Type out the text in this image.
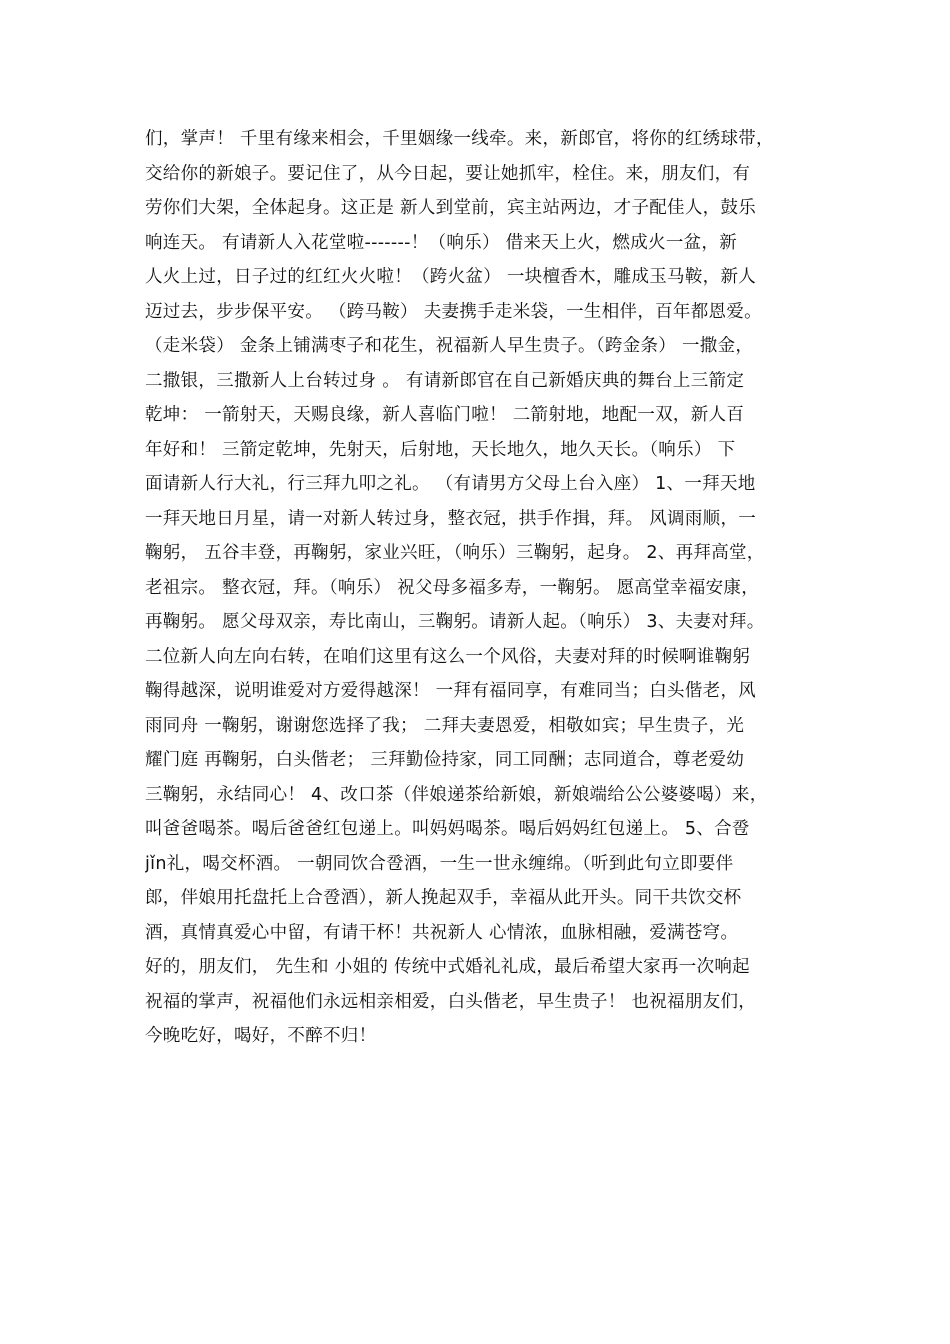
们，掌声！ 千里有缘来相会，千里姻缘一线牵。来，新郎官，将你的红绣球带，
交给你的新娘子。要记住了，从今日起，要让她抓牢，栓住。来，朋友们，有
劳你们大架，全体起身。这正是 新人到堂前，宾主站两边，才子配佳人，鼓乐
响连天。 有请新人入花堂啦-------！（响乐） 借来天上火，燃成火一盆，新
人火上过，日子过的红红火火啦！（跨火盆） 一块檀香木，雕成玉马鞍，新人
迈过去，步步保平安。 （跨马鞍） 夫妻携手走米袋，一生相伴，百年都恩爱。
（走米袋） 金条上铺满枣子和花生，祝福新人早生贵子。（跨金条） 一撒金，
二撒银，三撒新人上台转过身 。 有请新郎官在自己新婚庆典的舞台上三箭定
乾坤： 一箭射天，天赐良缘，新人喜临门啦！ 二箭射地，地配一双，新人百
年好和！ 三箭定乾坤，先射天，后射地，天长地久，地久天长。（响乐） 下
面请新人行大礼，行三拜九叩之礼。 （有请男方父母上台入座） 1、一拜天地
一拜天地日月星，请一对新人转过身，整衣冠，拱手作揖，拜。 风调雨顺，一
鞠躬， 五谷丰登，再鞠躬，家业兴旺，（响乐）三鞠躬，起身。 2、再拜高堂，
老祖宗。 整衣冠，拜。（响乐） 祝父母多福多寿，一鞠躬。 愿高堂幸福安康，
再鞠躬。 愿父母双亲，寿比南山，三鞠躬。请新人起。（响乐） 3、夫妻对拜。
二位新人向左向右转，在咱们这里有这么一个风俗，夫妻对拜的时候啊谁鞠躬
鞠得越深，说明谁爱对方爱得越深！ 一拜有福同享，有难同当；白头偕老，风
雨同舟 一鞠躬，谢谢您选择了我； 二拜夫妻恩爱，相敬如宾；早生贵子，光
耀门庭 再鞠躬，白头偕老； 三拜勤俭持家，同工同酬；志同道合，尊老爱幼
三鞠躬，永结同心！ 4、改口茶（伴娘递茶给新娘，新娘端给公公婆婆喝）来，
叫爸爸喝茶。喝后爸爸红包递上。叫妈妈喝茶。喝后妈妈红包递上。 5、合卺
jǐn礼，喝交杯酒。 一朝同饮合卺酒，一生一世永缠绵。（听到此句立即要伴
郎，伴娘用托盘托上合卺酒），新人挽起双手，幸福从此开头。同干共饮交杯
酒，真情真爱心中留，有请干杯！共祝新人 心情浓，血脉相融，爱满苍穹。
好的，朋友们， 先生和 小姐的 传统中式婚礼礼成，最后希望大家再一次响起
祝福的掌声，祝福他们永远相亲相爱，白头偕老，早生贵子！ 也祝福朋友们，
今晚吃好，喝好，不醉不归！
